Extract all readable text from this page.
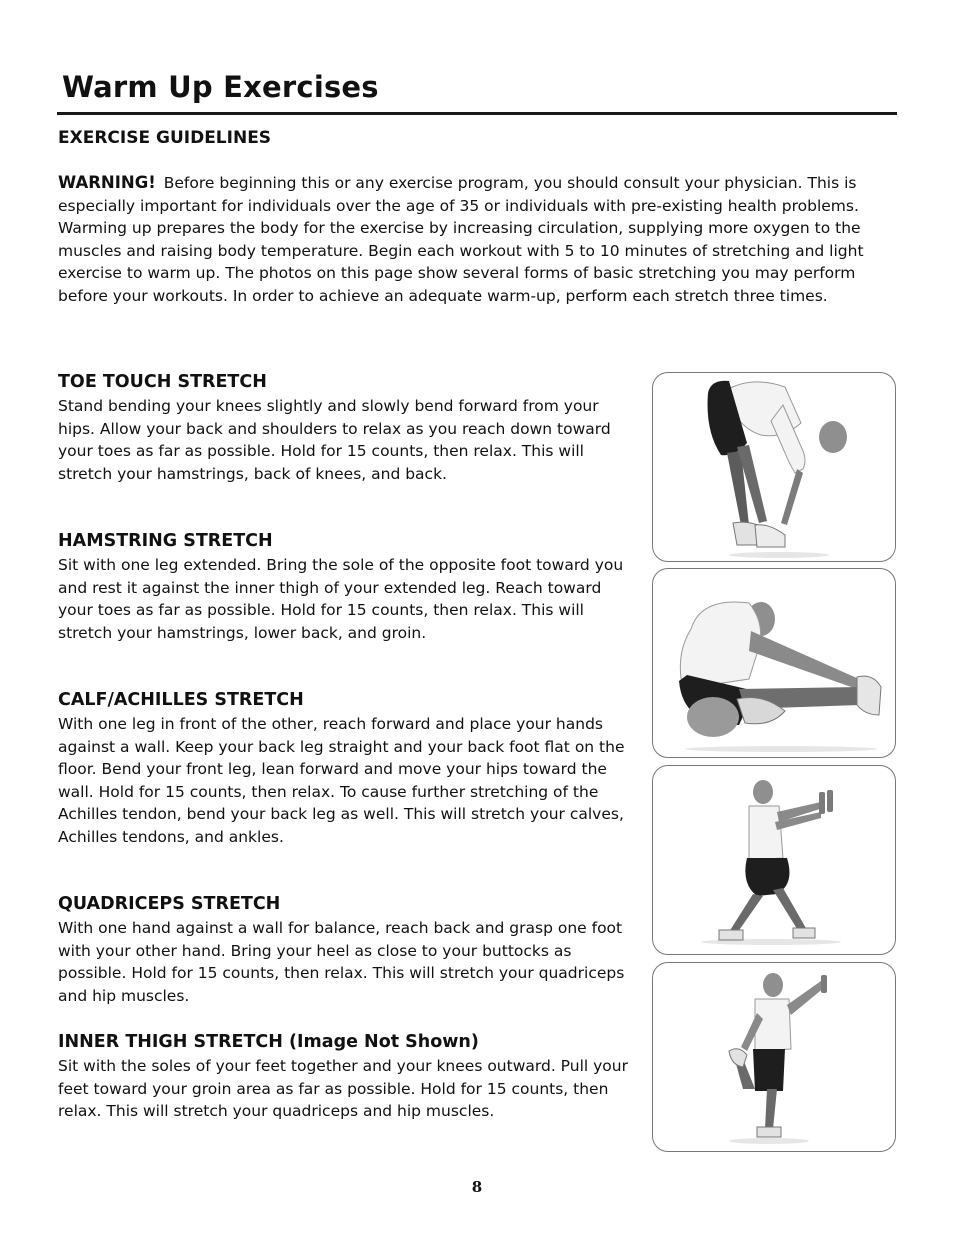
Warm Up Exercises
EXERCISE GUIDELINES

WARNING! Before beginning this or any exercise program, you should consult your physician. This is especially important for individuals over the age of 35 or individuals with pre-existing health problems.

Warming up prepares the body for the exercise by increasing circulation, supplying more oxygen to the muscles and raising body temperature. Begin each workout with 5 to 10 minutes of stretching and light exercise to warm up. The photos on this page show several forms of basic stretching you may perform before your workouts. In order to achieve an adequate warm-up, perform each stretch three times.

TOE TOUCH STRETCH

Stand bending your knees slightly and slowly bend forward from your hips. Allow your back and shoulders to relax as you reach down toward your toes as far as possible. Hold for 15 counts, then relax. This will stretch your hamstrings, back of knees, and back.

HAMSTRING STRETCH

Sit with one leg extended. Bring the sole of the opposite foot toward you and rest it against the inner thigh of your extended leg. Reach toward your toes as far as possible. Hold for 15 counts, then relax. This will stretch your hamstrings, lower back, and groin.

CALF/ACHILLES STRETCH

With one leg in front of the other, reach forward and place your hands against a wall. Keep your back leg straight and your back foot flat on the floor. Bend your front leg, lean forward and move your hips toward the wall. Hold for 15 counts, then relax. To cause further stretching of the Achilles tendon, bend your back leg as well. This will stretch your calves, Achilles tendons, and ankles.

QUADRICEPS STRETCH

With one hand against a wall for balance, reach back and grasp one foot with your other hand. Bring your heel as close to your buttocks as possible. Hold for 15 counts, then relax. This will stretch your quadriceps and hip muscles.

INNER THIGH STRETCH (Image Not Shown)

Sit with the soles of your feet together and your knees outward. Pull your feet toward your groin area as far as possible. Hold for 15 counts, then relax. This will stretch your quadriceps and hip muscles.

8
